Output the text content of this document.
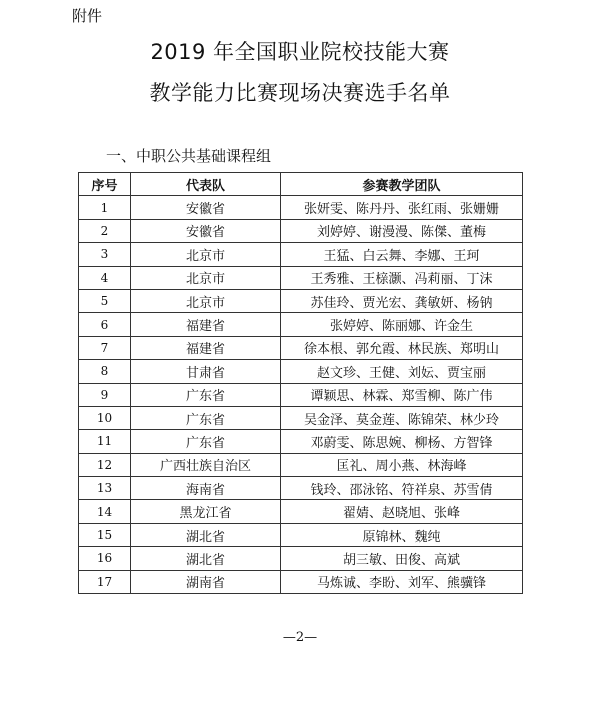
附件
2019 年全国职业院校技能大赛
教学能力比赛现场决赛选手名单
一、中职公共基础课程组
序号	代表队	参赛教学团队
1	安徽省	张妍雯、陈丹丹、张红雨、张姗姗
2	安徽省	刘婷婷、谢漫漫、陈傑、董梅
3	北京市	王猛、白云舞、李娜、王珂
4	北京市	王秀雅、王榇灏、冯莉丽、丁沫
5	北京市	苏佳玲、贾光宏、龚敏妍、杨钠
6	福建省	张婷婷、陈丽娜、许金生
7	福建省	徐本根、郭允霞、林民族、郑明山
8	甘肃省	赵文珍、王健、刘妘、贾宝丽
9	广东省	谭颖思、林霖、郑雪柳、陈广伟
10	广东省	吴金泽、莫金莲、陈锦荣、林少玲
11	广东省	邓蔚雯、陈思婉、柳杨、方智锋
12	广西壮族自治区	匡礼、周小燕、林海峰
13	海南省	钱玲、邵泳铭、符祥泉、苏雪倩
14	黑龙江省	翟婧、赵晓旭、张峰
15	湖北省	原锦林、魏纯
16	湖北省	胡三敏、田俊、高斌
17	湖南省	马炼诚、李盼、刘军、熊骥锋
—2—
